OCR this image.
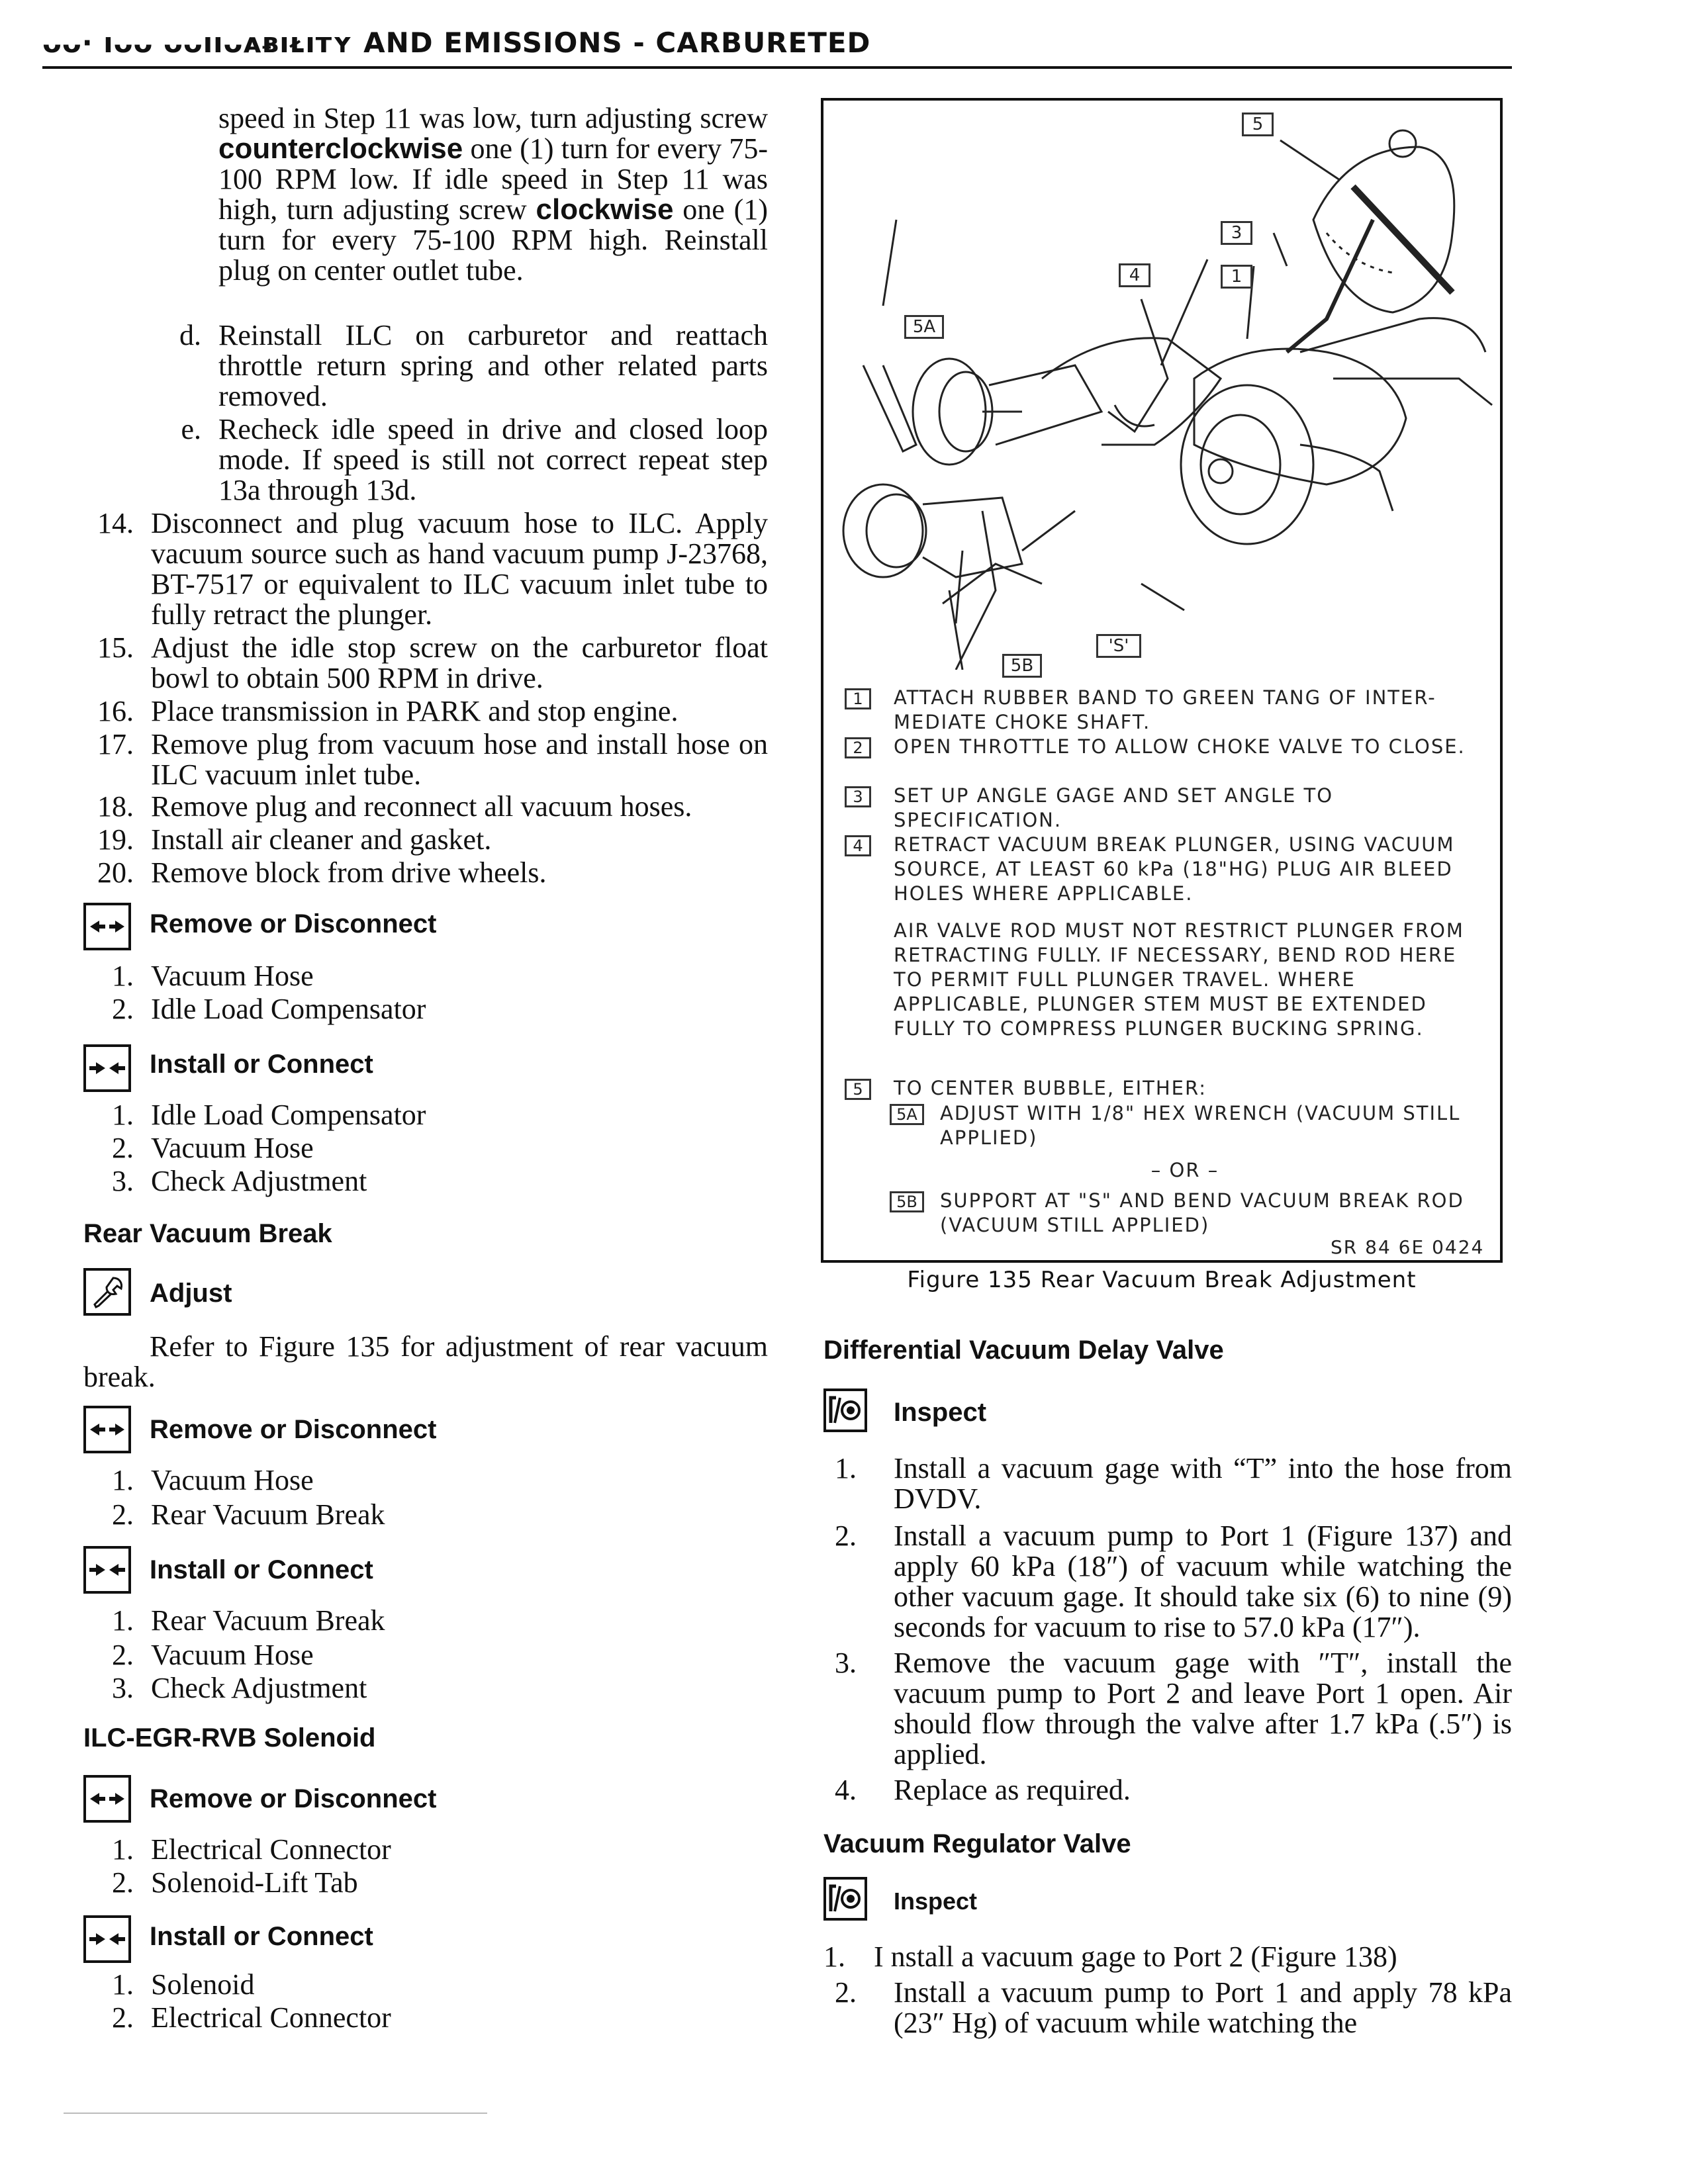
ᴗᴗ· ıᴗᴗ ᴗᴗııᴗᴀᴃıᴌıᴛʏ AND EMISSIONS - CARBURETED
speed in Step 11 was low, turn adjusting screw counterclockwise one (1) turn for every 75-100 RPM low. If idle speed in Step 11 was high, turn adjusting screw clockwise one (1) turn for every 75-100 RPM high. Reinstall plug on center outlet tube.
d. Reinstall ILC on carburetor and reattach throttle return spring and other related parts removed.
e. Recheck idle speed in drive and closed loop mode. If speed is still not correct repeat step 13a through 13d.
14. Disconnect and plug vacuum hose to ILC. Apply vacuum source such as hand vacuum pump J-23768, BT-7517 or equivalent to ILC vacuum inlet tube to fully retract the plunger.
15. Adjust the idle stop screw on the carburetor float bowl to obtain 500 RPM in drive.
16. Place transmission in PARK and stop engine.
17. Remove plug from vacuum hose and install hose on ILC vacuum inlet tube.
18. Remove plug and reconnect all vacuum hoses.
19. Install air cleaner and gasket.
20. Remove block from drive wheels.
Remove or Disconnect
1. Vacuum Hose
2. Idle Load Compensator
Install or Connect
1. Idle Load Compensator
2. Vacuum Hose
3. Check Adjustment
Rear Vacuum Break
Adjust
Refer to Figure 135 for adjustment of rear vacuum break.
Remove or Disconnect
1. Vacuum Hose
2. Rear Vacuum Break
Install or Connect
1. Rear Vacuum Break
2. Vacuum Hose
3. Check Adjustment
ILC-EGR-RVB Solenoid
Remove or Disconnect
1. Electrical Connector
2. Solenoid-Lift Tab
Install or Connect
1. Solenoid
2. Electrical Connector
5
3
4	1
5A
5B
'S'
1	ATTACH RUBBER BAND TO GREEN TANG OF INTER-MEDIATE CHOKE SHAFT.
2	OPEN THROTTLE TO ALLOW CHOKE VALVE TO CLOSE.
3	SET UP ANGLE GAGE AND SET ANGLE TO SPECIFICATION.
4	RETRACT VACUUM BREAK PLUNGER, USING VACUUM SOURCE, AT LEAST 60 kPa (18"HG) PLUG AIR BLEED HOLES WHERE APPLICABLE.
AIR VALVE ROD MUST NOT RESTRICT PLUNGER FROM RETRACTING FULLY. IF NECESSARY, BEND ROD HERE TO PERMIT FULL PLUNGER TRAVEL. WHERE APPLICABLE, PLUNGER STEM MUST BE EXTENDED FULLY TO COMPRESS PLUNGER BUCKING SPRING.
5	TO CENTER BUBBLE, EITHER:
5A	ADJUST WITH 1/8" HEX WRENCH (VACUUM STILL APPLIED)
– OR –
5B	SUPPORT AT "S" AND BEND VACUUM BREAK ROD (VACUUM STILL APPLIED)
SR 84 6E 0424
Figure 135 Rear Vacuum Break Adjustment
Differential Vacuum Delay Valve
Inspect
1.	Install a vacuum gage with “T” into the hose from DVDV.
2.	Install a vacuum pump to Port 1 (Figure 137) and apply 60 kPa (18″) of vacuum while watching the other vacuum gage. It should take six (6) to nine (9) seconds for vacuum to rise to 57.0 kPa (17″).
3.	Remove the vacuum gage with ″T″, install the vacuum pump to Port 2 and leave Port 1 open. Air should flow through the valve after 1.7 kPa (.5″) is applied.
4.	Replace as required.
Vacuum Regulator Valve
Inspect
1. I nstall a vacuum gage to Port 2 (Figure 138)
2.	Install a vacuum pump to Port 1 and apply 78 kPa (23″ Hg) of vacuum while watching the
